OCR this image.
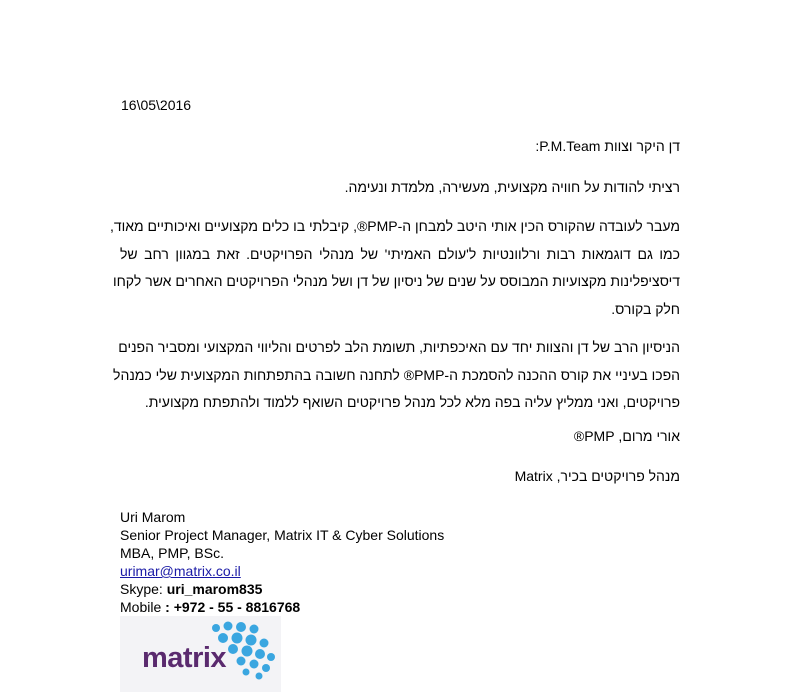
16\05\2016
דן היקר וצוות P.M.Team:
רציתי להודות על חוויה מקצועית, מעשירה, מלמדת ונעימה.
מעבר לעובדה שהקורס הכין אותי היטב למבחן ה-PMP®, קיבלתי בו כלים מקצועיים ואיכותיים מאוד,
כמו גם דוגמאות רבות ורלוונטיות ל'עולם האמיתי' של מנהלי הפרויקטים. זאת במגוון רחב של
דיסציפלינות מקצועיות המבוסס על שנים של ניסיון של דן ושל מנהלי הפרויקטים האחרים אשר לקחו
חלק בקורס.
הניסיון הרב של דן והצוות יחד עם האיכפתיות, תשומת הלב לפרטים והליווי המקצועי ומסביר הפנים
הפכו בעיניי את קורס ההכנה להסמכת ה-PMP® לתחנה חשובה בהתפתחות המקצועית שלי כמנהל
פרויקטים, ואני ממליץ עליה בפה מלא לכל מנהל פרויקטים השואף ללמוד ולהתפתח מקצועית.
אורי מרום, PMP®
מנהל פרויקטים בכיר, Matrix
Uri Marom
Senior Project Manager, Matrix IT & Cyber Solutions
MBA, PMP, BSc.
urimar@matrix.co.il
Skype: uri_marom835
Mobile : +972 - 55 - 8816768
matrix
